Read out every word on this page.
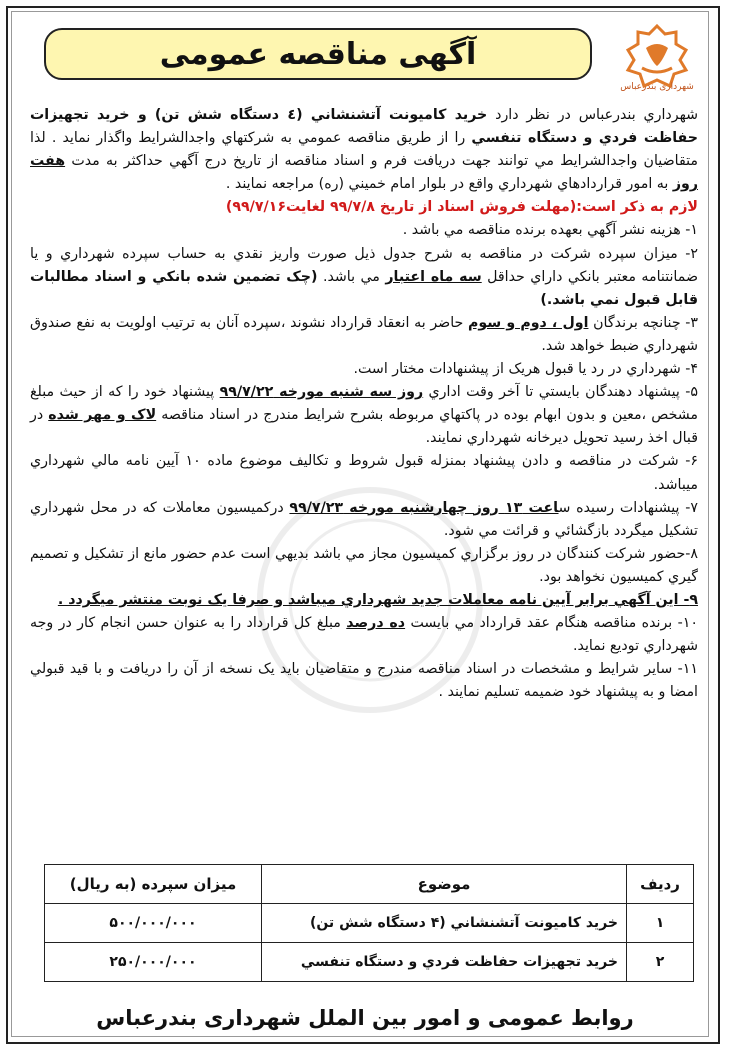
آگهی مناقصه عمومی
شهرداری بندرعباس

شهرداري بندرعباس در نظر دارد خريد کاميونت آتشنشاني (٤ دستگاه شش تن) و خريد تجهيزات حفاظت فردي و دستگاه تنفسي را از طريق مناقصه عمومي به شرکتهاي واجدالشرايط واگذار نمايد . لذا متقاضيان واجدالشرايط مي توانند جهت دريافت فرم و اسناد مناقصه از تاريخ درج آگهي حداکثر به مدت هفت روز به امور قراردادهاي شهرداري واقع در بلوار امام خميني (ره) مراجعه نمايند .

لازم به ذکر است:(مهلت فروش اسناد از تاريخ ۹۹/۷/۸ لغايت۹۹/۷/۱۶)

۱- هزينه نشر آگهي بعهده برنده مناقصه مي باشد .

۲- ميزان سپرده شرکت در مناقصه به شرح جدول ذيل صورت واريز نقدي به حساب سپرده شهرداري و يا ضمانتنامه معتبر بانکي داراي حداقل سه ماه اعتبار مي باشد. (چک تضمين شده بانکي و اسناد مطالبات قابل قبول نمي باشد.)

۳- چنانچه برندگان اول ، دوم و سوم حاضر به انعقاد قرارداد نشوند ،سپرده آنان به ترتيب اولويت به نفع صندوق شهرداري ضبط خواهد شد.

۴- شهرداري در رد يا قبول هريک از پيشنهادات مختار است.

۵- پيشنهاد دهندگان بايستي تا آخر وقت اداري روز سه شنبه مورخه ۹۹/۷/۲۲ پيشنهاد خود را كه از حيث مبلغ مشخص ،معين و بدون ابهام بوده در پاکتهاي مربوطه بشرح شرايط مندرج در اسناد مناقصه لاک و مهر شده در قبال اخذ رسيد تحويل ديرخانه شهرداري نمايند.

۶- شرکت در مناقصه و دادن پيشنهاد بمنزله قبول شروط و تکاليف موضوع ماده ۱۰ آيين نامه مالي شهرداري ميباشد.

۷- پيشنهادات رسيده ساعت ۱۳ روز چهارشنبه مورخه ۹۹/۷/۲۳ درکميسيون معاملات که در محل شهرداري تشکيل ميگردد بازگشائي و قرائت مي شود.

۸-حضور شرکت کنندگان در روز برگزاري کميسيون مجاز مي باشد بديهي است عدم حضور مانع از تشکيل و تصميم گيري کميسيون نخواهد بود.

۹- اين آگهي برابر آيين نامه معاملات جديد شهرداري ميباشد و صرفا يک نوبت منتشر ميگردد .

۱۰- برنده مناقصه هنگام عقد قرارداد مي بايست ده درصد مبلغ کل قرارداد را به عنوان حسن انجام کار در وجه شهرداري توديع نمايد.

۱۱- ساير شرايط و مشخصات در اسناد مناقصه مندرج و متقاضيان بايد يک نسخه از آن را دريافت و با قيد قبولي امضا و به پيشنهاد خود ضميمه تسليم نمايند .

رديف	موضوع	ميزان سپرده (به ريال)
۱	خريد کاميونت آتشنشاني (۴ دستگاه شش تن)	۵۰۰/۰۰۰/۰۰۰
۲	خريد تجهيزات حفاظت فردي و دستگاه تنفسي	۲۵۰/۰۰۰/۰۰۰
روابط عمومی و امور بین الملل شهرداری بندرعباس
